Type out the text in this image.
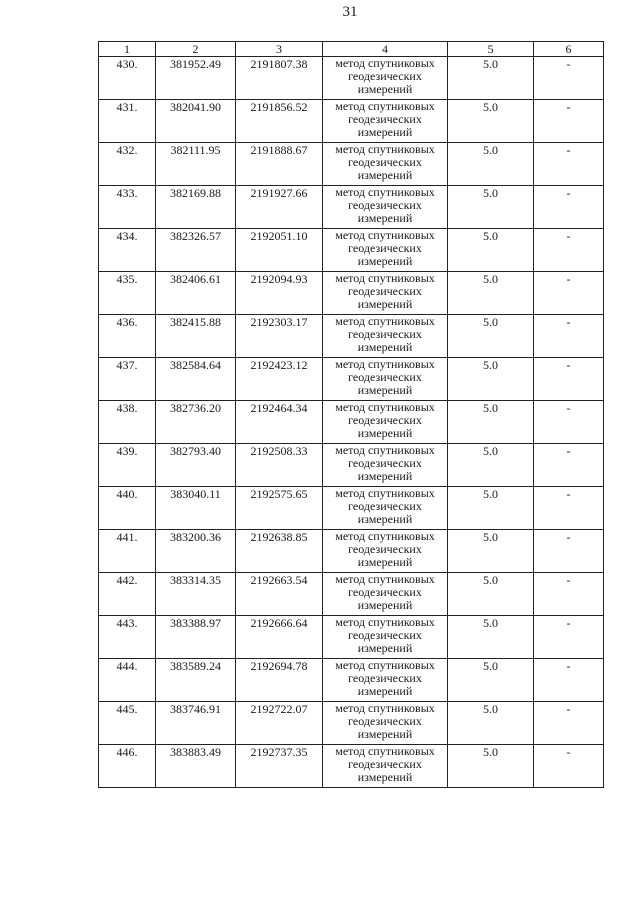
31
1	2	3	4	5	6
430.	381952.49	2191807.38	метод спутниковых геодезических измерений	5.0	-
431.	382041.90	2191856.52	метод спутниковых геодезических измерений	5.0	-
432.	382111.95	2191888.67	метод спутниковых геодезических измерений	5.0	-
433.	382169.88	2191927.66	метод спутниковых геодезических измерений	5.0	-
434.	382326.57	2192051.10	метод спутниковых геодезических измерений	5.0	-
435.	382406.61	2192094.93	метод спутниковых геодезических измерений	5.0	-
436.	382415.88	2192303.17	метод спутниковых геодезических измерений	5.0	-
437.	382584.64	2192423.12	метод спутниковых геодезических измерений	5.0	-
438.	382736.20	2192464.34	метод спутниковых геодезических измерений	5.0	-
439.	382793.40	2192508.33	метод спутниковых геодезических измерений	5.0	-
440.	383040.11	2192575.65	метод спутниковых геодезических измерений	5.0	-
441.	383200.36	2192638.85	метод спутниковых геодезических измерений	5.0	-
442.	383314.35	2192663.54	метод спутниковых геодезических измерений	5.0	-
443.	383388.97	2192666.64	метод спутниковых геодезических измерений	5.0	-
444.	383589.24	2192694.78	метод спутниковых геодезических измерений	5.0	-
445.	383746.91	2192722.07	метод спутниковых геодезических измерений	5.0	-
446.	383883.49	2192737.35	метод спутниковых геодезических измерений	5.0	-
